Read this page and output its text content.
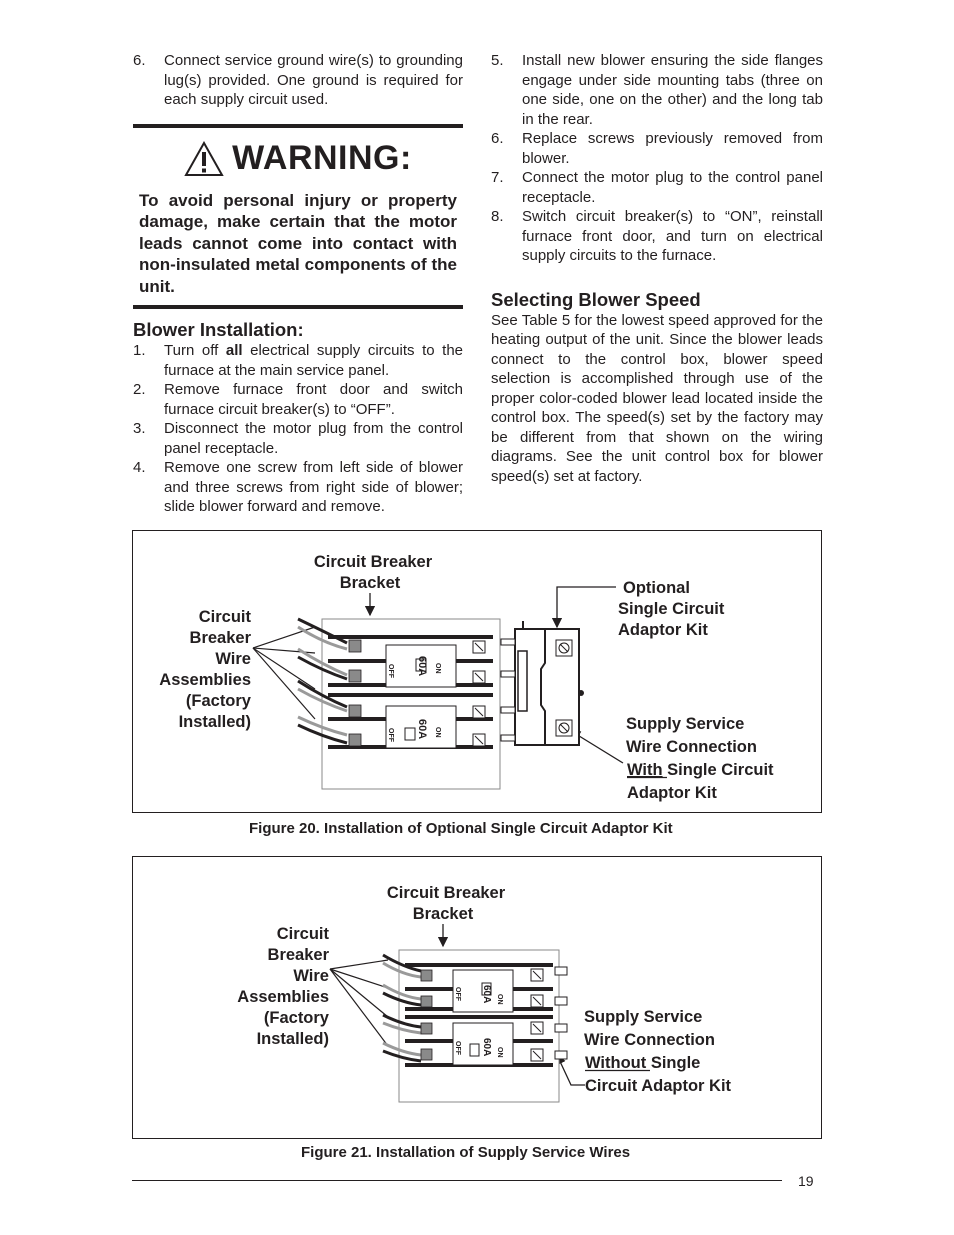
6.	Connect service ground wire(s) to grounding lug(s) provided. One ground is required for each supply circuit used.
WARNING:
To avoid personal injury or property damage, make certain that the motor leads cannot come into contact with non-insulated metal components of the unit.
Blower Installation:
1.	Turn off all electrical supply circuits to the furnace at the main service panel.
2.	Remove furnace front door and switch furnace circuit breaker(s) to “OFF”.
3.	Disconnect the motor plug from the control panel receptacle.
4.	Remove one screw from left side of blower and three screws from right side of blower; slide blower forward and remove.
5.	Install new blower ensuring the side flanges engage under side mounting tabs (three on one side, one on the other) and the long tab in the rear.
6.	Replace screws previously removed from blower.
7.	Connect the motor plug to the control panel receptacle.
8.	Switch circuit breaker(s) to “ON”, reinstall furnace front door, and turn on electrical supply circuits to the furnace.
Selecting Blower Speed
See Table 5 for the lowest speed approved for the heating output of the unit. Since the blower leads connect to the control box, blower speed selection is accomplished through use of the proper color-coded blower lead located inside the control box. The speed(s) set by the factory may be different from that shown on the wiring diagrams. See the unit control box for blower speed(s) set at factory.
Circuit Breaker
Bracket
Circuit
Breaker
Wire
Assemblies
(Factory
Installed)
Optional
Single Circuit
Adaptor Kit
Supply Service
Wire Connection
With Single Circuit
Adaptor Kit
60A ON
OFF
60A ON
OFF
Figure 20. Installation of Optional Single Circuit Adaptor Kit
Circuit Breaker
Bracket
Circuit
Breaker
Wire
Assemblies
(Factory
Installed)
Supply Service
Wire Connection
Without Single
Circuit Adaptor Kit
60A ON
OFF
60A ON
OFF
Figure 21. Installation of Supply Service Wires
19
